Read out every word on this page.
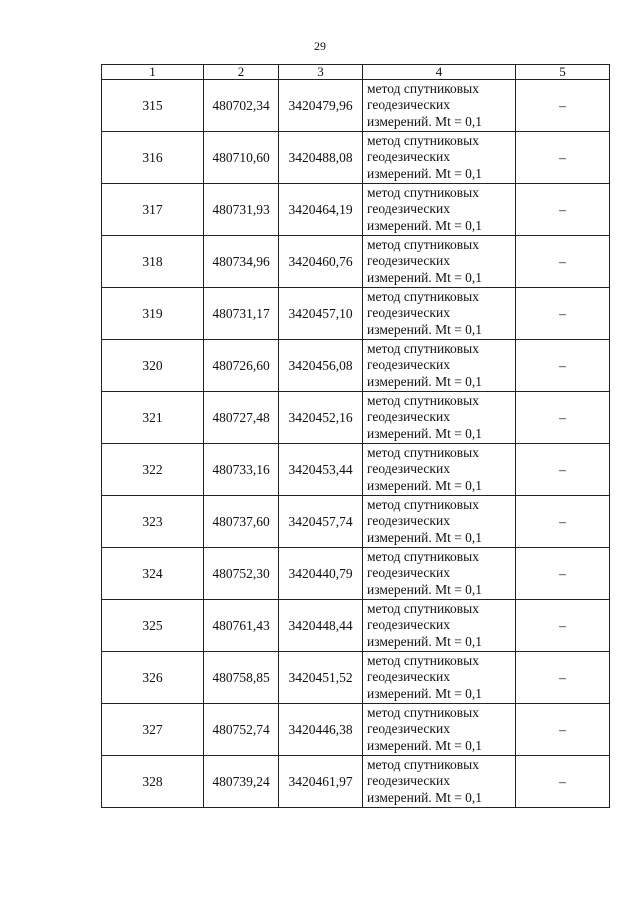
29
1	2	3	4	5
315	480702,34	3420479,96	метод спутниковых
геодезических
измерений. Mt = 0,1	–
316	480710,60	3420488,08	метод спутниковых
геодезических
измерений. Mt = 0,1	–
317	480731,93	3420464,19	метод спутниковых
геодезических
измерений. Mt = 0,1	–
318	480734,96	3420460,76	метод спутниковых
геодезических
измерений. Mt = 0,1	–
319	480731,17	3420457,10	метод спутниковых
геодезических
измерений. Mt = 0,1	–
320	480726,60	3420456,08	метод спутниковых
геодезических
измерений. Mt = 0,1	–
321	480727,48	3420452,16	метод спутниковых
геодезических
измерений. Mt = 0,1	–
322	480733,16	3420453,44	метод спутниковых
геодезических
измерений. Mt = 0,1	–
323	480737,60	3420457,74	метод спутниковых
геодезических
измерений. Mt = 0,1	–
324	480752,30	3420440,79	метод спутниковых
геодезических
измерений. Mt = 0,1	–
325	480761,43	3420448,44	метод спутниковых
геодезических
измерений. Mt = 0,1	–
326	480758,85	3420451,52	метод спутниковых
геодезических
измерений. Mt = 0,1	–
327	480752,74	3420446,38	метод спутниковых
геодезических
измерений. Mt = 0,1	–
328	480739,24	3420461,97	метод спутниковых
геодезических
измерений. Mt = 0,1	–
